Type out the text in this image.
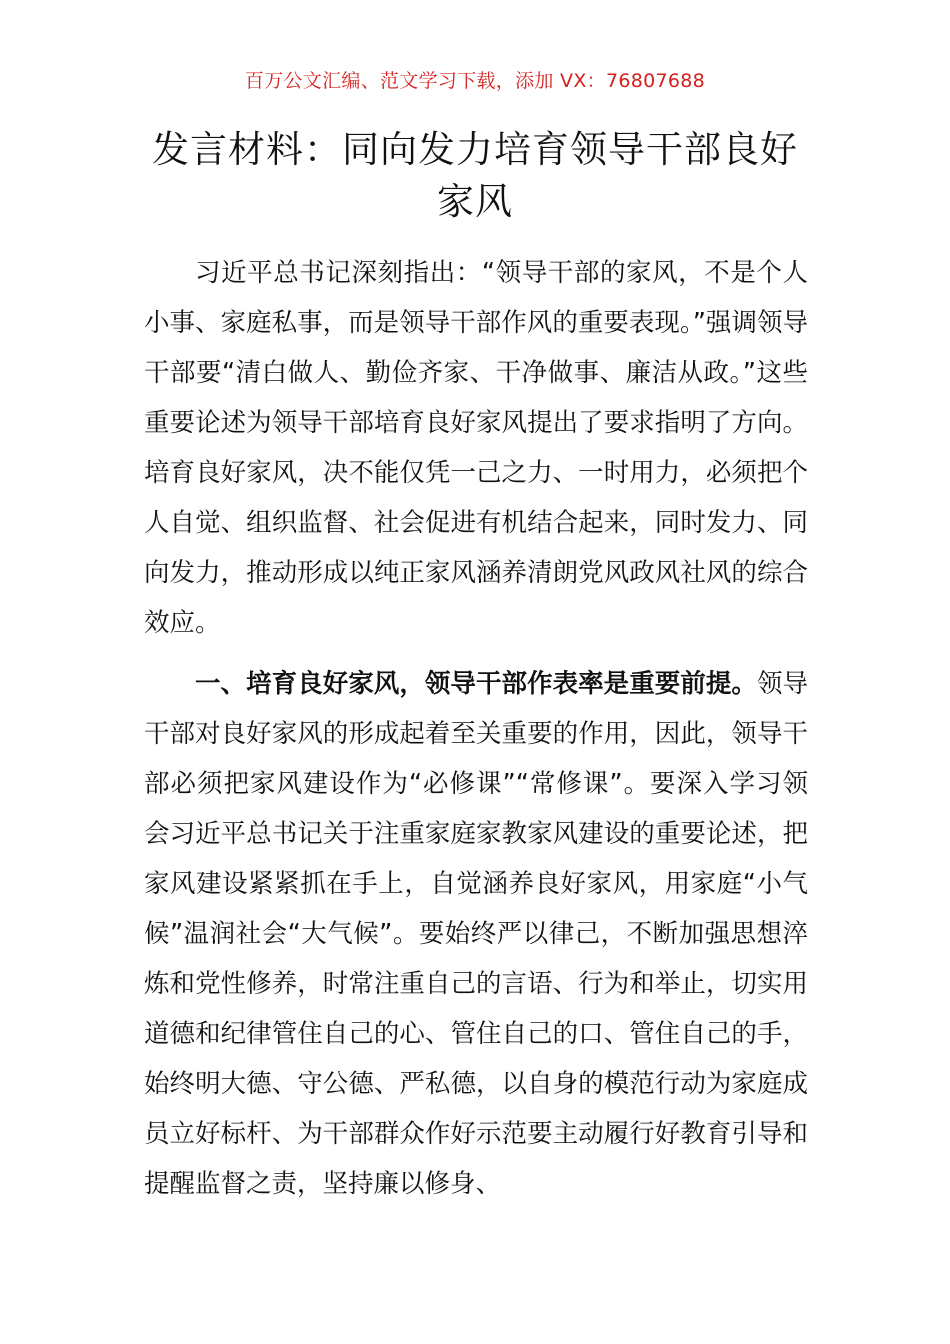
百万公文汇编、范文学习下载，添加 VX：76807688
发言材料：同向发力培育领导干部良好家风

习近平总书记深刻指出：“领导干部的家风，不是个人小事、家庭私事，而是领导干部作风的重要表现。”强调领导干部要“清白做人、勤俭齐家、干净做事、廉洁从政。”这些重要论述为领导干部培育良好家风提出了要求指明了方向。培育良好家风，决不能仅凭一己之力、一时用力，必须把个人自觉、组织监督、社会促进有机结合起来，同时发力、同向发力，推动形成以纯正家风涵养清朗党风政风社风的综合效应。

一、培育良好家风，领导干部作表率是重要前提。领导干部对良好家风的形成起着至关重要的作用，因此，领导干部必须把家风建设作为“必修课”“常修课”。要深入学习领会习近平总书记关于注重家庭家教家风建设的重要论述，把家风建设紧紧抓在手上，自觉涵养良好家风，用家庭“小气候”温润社会“大气候”。要始终严以律己，不断加强思想淬炼和党性修养，时常注重自己的言语、行为和举止，切实用道德和纪律管住自己的心、管住自己的口、管住自己的手，始终明大德、守公德、严私德，以自身的模范行动为家庭成员立好标杆、为干部群众作好示范要主动履行好教育引导和提醒监督之责，坚持廉以修身、
